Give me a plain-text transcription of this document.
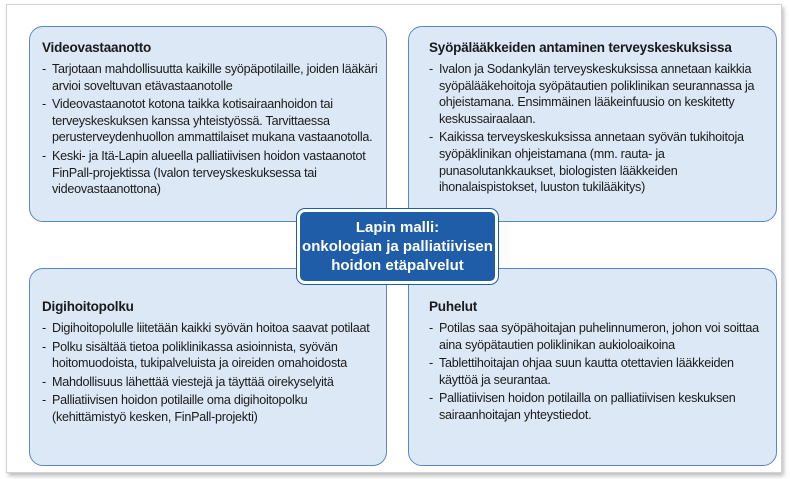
Videovastaanotto
- Tarjotaan mahdollisuutta kaikille syöpäpotilaille, joiden lääkäri arvioi soveltuvan etävastaanotolle
- Videovastaanotot kotona taikka kotisairaanhoidon tai terveyskeskuksen kanssa yhteistyössä. Tarvittaessa perusterveydenhuollon ammattilaiset mukana vastaanotolla.
- Keski- ja Itä-Lapin alueella palliatiivisen hoidon vastaanotot FinPall-projektissa (Ivalon terveyskeskuksessa tai videovastaanottona)
Syöpälääkkeiden antaminen terveyskeskuksissa
- Ivalon ja Sodankylän terveyskeskuksissa annetaan kaikkia syöpälääkehoitoja syöpätautien poliklinikan seurannassa ja ohjeistamana. Ensimmäinen lääkeinfuusio on keskitetty keskussairaalaan.
- Kaikissa terveyskeskuksissa annetaan syövän tukihoitoja syöpäklinikan ohjeistamana (mm. rauta- ja punasolutankkaukset, biologisten lääkkeiden ihonalaispistokset, luuston tukilääkitys)
Digihoitopolku
- Digihoitopolulle liitetään kaikki syövän hoitoa saavat potilaat
- Polku sisältää tietoa poliklinikassa asioinnista, syövän hoitomuodoista, tukipalveluista ja oireiden omahoidosta
- Mahdollisuus lähettää viestejä ja täyttää oirekyselyitä
- Palliatiivisen hoidon potilaille oma digihoitopolku (kehittämistyö kesken, FinPall-projekti)
Puhelut
- Potilas saa syöpähoitajan puhelinnumeron, johon voi soittaa aina syöpätautien poliklinikan aukioloaikoina
- Tablettihoitajan ohjaa suun kautta otettavien lääkkeiden käyttöä ja seurantaa.
- Palliatiivisen hoidon potilailla on palliatiivisen keskuksen sairaanhoitajan yhteystiedot.
Lapin malli:
onkologian ja palliatiivisen
hoidon etäpalvelut
